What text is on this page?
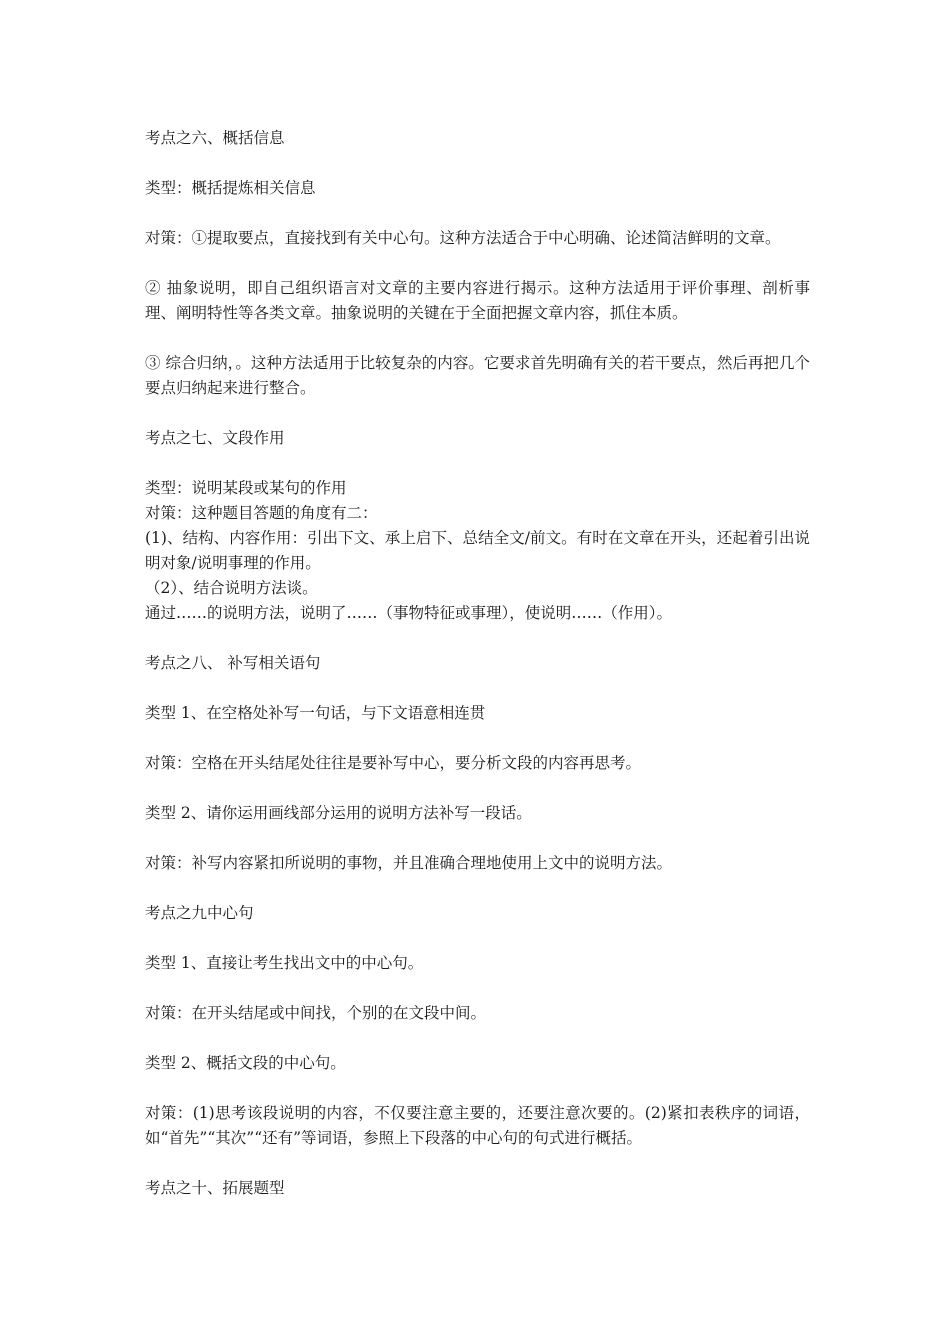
考点之六、概括信息

类型：概括提炼相关信息

对策：①提取要点，直接找到有关中心句。这种方法适合于中心明确、论述简洁鲜明的文章。

② 抽象说明，即自己组织语言对文章的主要内容进行揭示。这种方法适用于评价事理、剖析事理、阐明特性等各类文章。抽象说明的关键在于全面把握文章内容，抓住本质。

③ 综合归纳，。这种方法适用于比较复杂的内容。它要求首先明确有关的若干要点，然后再把几个要点归纳起来进行整合。

考点之七、文段作用

类型：说明某段或某句的作用

对策：这种题目答题的角度有二：

(1)、结构、内容作用：引出下文、承上启下、总结全文/前文。有时在文章在开头，还起着引出说明对象/说明事理的作用。

（2）、结合说明方法谈。

通过……的说明方法，说明了……（事物特征或事理），使说明……（作用）。

考点之八、 补写相关语句

类型 1、在空格处补写一句话，与下文语意相连贯

对策：空格在开头结尾处往往是要补写中心，要分析文段的内容再思考。

类型 2、请你运用画线部分运用的说明方法补写一段话。

对策：补写内容紧扣所说明的事物，并且准确合理地使用上文中的说明方法。

考点之九中心句

类型 1、直接让考生找出文中的中心句。

对策：在开头结尾或中间找，个别的在文段中间。

类型 2、概括文段的中心句。

对策：(1)思考该段说明的内容，不仅要注意主要的，还要注意次要的。(2)紧扣表秩序的词语，如“首先”“其次”“还有”等词语，参照上下段落的中心句的句式进行概括。

考点之十、拓展题型
